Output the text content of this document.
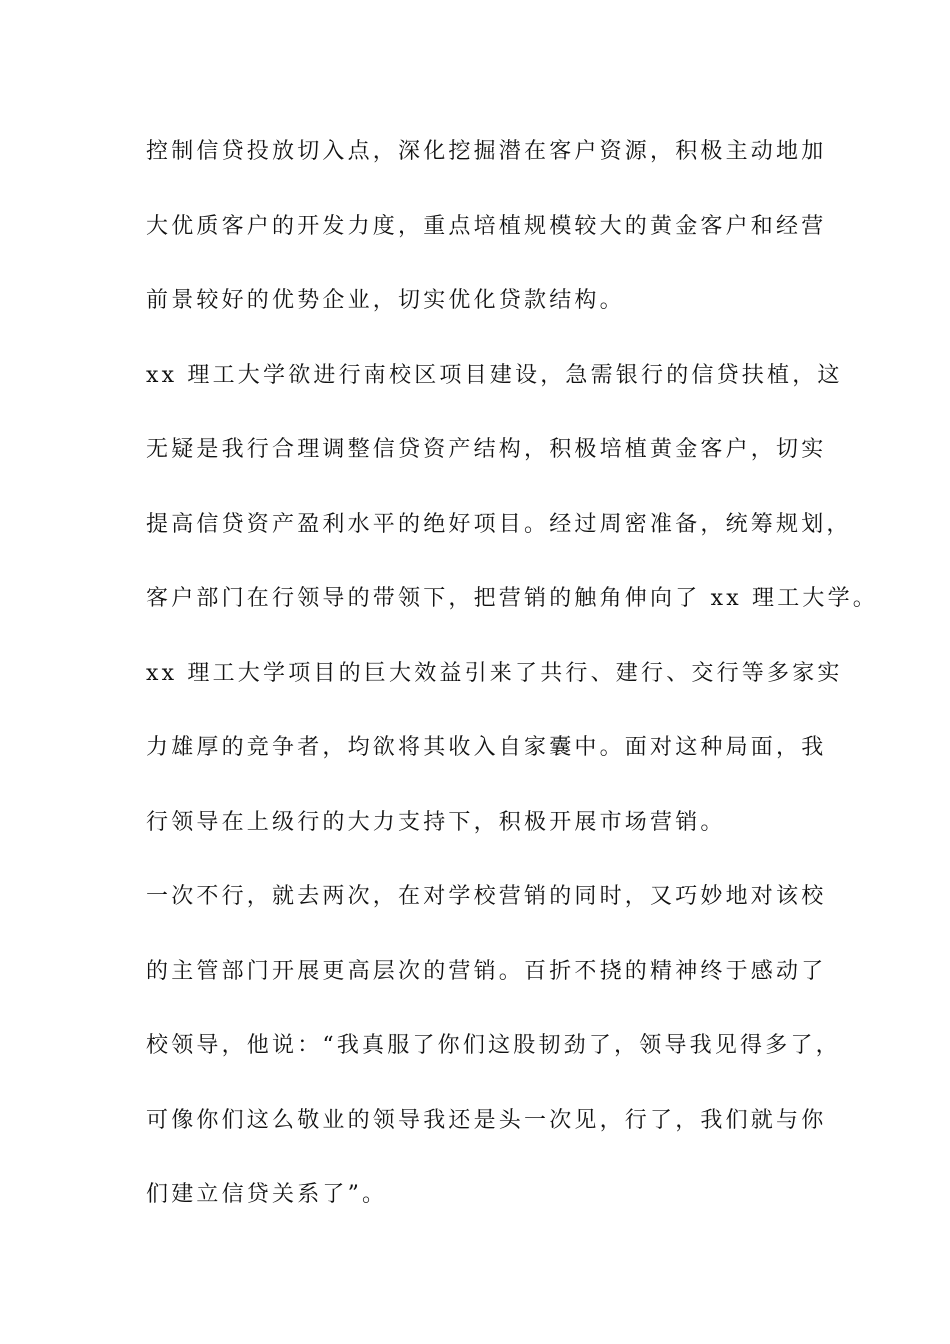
控制信贷投放切入点，深化挖掘潜在客户资源，积极主动地加
大优质客户的开发力度，重点培植规模较大的黄金客户和经营
前景较好的优势企业，切实优化贷款结构。
xx 理工大学欲进行南校区项目建设，急需银行的信贷扶植，这
无疑是我行合理调整信贷资产结构，积极培植黄金客户，切实
提高信贷资产盈利水平的绝好项目。经过周密准备，统筹规划，
客户部门在行领导的带领下，把营销的触角伸向了 xx 理工大学。
xx 理工大学项目的巨大效益引来了共行、建行、交行等多家实
力雄厚的竞争者，均欲将其收入自家囊中。面对这种局面，我
行领导在上级行的大力支持下，积极开展市场营销。
一次不行，就去两次，在对学校营销的同时，又巧妙地对该校
的主管部门开展更高层次的营销。百折不挠的精神终于感动了
校领导，他说：“我真服了你们这股韧劲了，领导我见得多了，
可像你们这么敬业的领导我还是头一次见，行了，我们就与你
们建立信贷关系了”。
